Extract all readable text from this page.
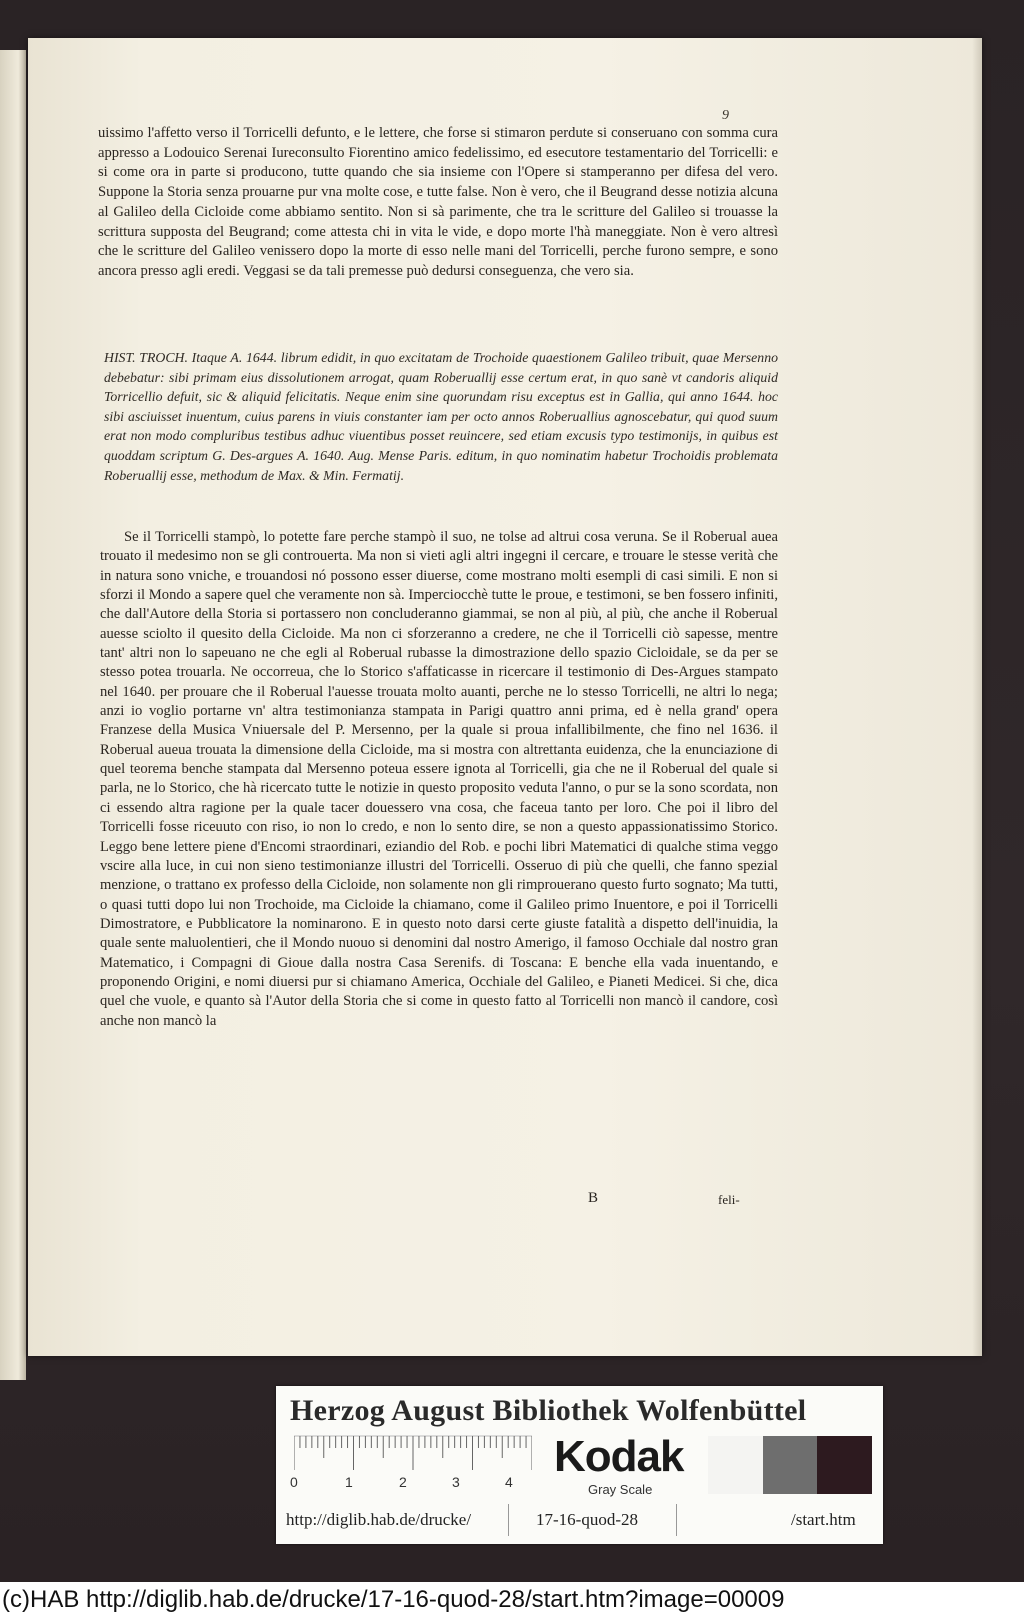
9

uissimo l'affetto verso il Torricelli defunto, e le lettere, che forse si stimaron perdute si conseruano con somma cura appresso a Lodouico Serenai Iureconsulto Fiorentino amico fedelissimo, ed esecutore testamentario del Torricelli: e si come ora in parte si producono, tutte quando che sia insieme con l'Opere si stamperanno per difesa del vero. Suppone la Storia senza prouarne pur vna molte cose, e tutte false. Non è vero, che il Beugrand desse notizia alcuna al Galileo della Cicloide come abbiamo sentito. Non si sà parimente, che tra le scritture del Galileo si trouasse la scrittura supposta del Beugrand; come attesta chi in vita le vide, e dopo morte l'hà maneggiate. Non è vero altresì che le scritture del Galileo venissero dopo la morte di esso nelle mani del Torricelli, perche furono sempre, e sono ancora presso agli eredi. Veggasi se da tali premesse può dedursi conseguenza, che vero sia.

HIST. TROCH. Itaque A. 1644. librum edidit, in quo excitatam de Trochoide quaestionem Galileo tribuit, quae Mersenno debebatur: sibi primam eius dissolutionem arrogat, quam Roberuallij esse certum erat, in quo sanè vt candoris aliquid Torricellio defuit, sic & aliquid felicitatis. Neque enim sine quorundam risu exceptus est in Gallia, qui anno 1644. hoc sibi asciuisset inuentum, cuius parens in viuis constanter iam per octo annos Roberuallius agnoscebatur, qui quod suum erat non modo compluribus testibus adhuc viuentibus posset reuincere, sed etiam excusis typo testimonijs, in quibus est quoddam scriptum G. Des-argues A. 1640. Aug. Mense Paris. editum, in quo nominatim habetur Trochoidis problemata Roberuallij esse, methodum de Max. & Min. Fermatij.

Se il Torricelli stampò, lo potette fare perche stampò il suo, ne tolse ad altrui cosa veruna. Se il Roberual auea trouato il medesimo non se gli controuerta. Ma non si vieti agli altri ingegni il cercare, e trouare le stesse verità che in natura sono vniche, e trouandosi nó possono esser diuerse, come mostrano molti esempli di casi simili. E non si sforzi il Mondo a sapere quel che veramente non sà. Imperciocchè tutte le proue, e testimoni, se ben fossero infiniti, che dall'Autore della Storia si portassero non concluderanno giammai, se non al più, al più, che anche il Roberual auesse sciolto il quesito della Cicloide. Ma non ci sforzeranno a credere, ne che il Torricelli ciò sapesse, mentre tant' altri non lo sapeuano ne che egli al Roberual rubasse la dimostrazione dello spazio Cicloidale, se da per se stesso potea trouarla. Ne occorreua, che lo Storico s'affaticasse in ricercare il testimonio di Des-Argues stampato nel 1640. per prouare che il Roberual l'auesse trouata molto auanti, perche ne lo stesso Torricelli, ne altri lo nega; anzi io voglio portarne vn' altra testimonianza stampata in Parigi quattro anni prima, ed è nella grand' opera Franzese della Musica Vniuersale del P. Mersenno, per la quale si proua infallibilmente, che fino nel 1636. il Roberual aueua trouata la dimensione della Cicloide, ma si mostra con altrettanta euidenza, che la enunciazione di quel teorema benche stampata dal Mersenno poteua essere ignota al Torricelli, gia che ne il Roberual del quale si parla, ne lo Storico, che hà ricercato tutte le notizie in questo proposito veduta l'anno, o pur se la sono scordata, non ci essendo altra ragione per la quale tacer douessero vna cosa, che faceua tanto per loro. Che poi il libro del Torricelli fosse riceuuto con riso, io non lo credo, e non lo sento dire, se non a questo appassionatissimo Storico. Leggo bene lettere piene d'Encomi straordinari, eziandio del Rob. e pochi libri Matematici di qualche stima veggo vscire alla luce, in cui non sieno testimonianze illustri del Torricelli. Osseruo di più che quelli, che fanno spezial menzione, o trattano ex professo della Cicloide, non solamente non gli rimprouerano questo furto sognato; Ma tutti, o quasi tutti dopo lui non Trochoide, ma Cicloide la chiamano, come il Galileo primo Inuentore, e poi il Torricelli Dimostratore, e Pubblicatore la nominarono. E in questo noto darsi certe giuste fatalità a dispetto dell'inuidia, la quale sente maluolentieri, che il Mondo nuouo si denomini dal nostro Amerigo, il famoso Occhiale dal nostro gran Matematico, i Compagni di Gioue dalla nostra Casa Serenifs. di Toscana: E benche ella vada inuentando, e proponendo Origini, e nomi diuersi pur si chiamano America, Occhiale del Galileo, e Pianeti Medicei. Si che, dica quel che vuole, e quanto sà l'Autor della Storia che si come in questo fatto al Torricelli non mancò il candore, così anche non mancò la

B	feli-
Herzog August Bibliothek Wolfenbüttel
0	1	2	3	4
Kodak
Gray Scale
http://diglib.hab.de/drucke/	17-16-quod-28	/start.htm
(c)HAB http://diglib.hab.de/drucke/17-16-quod-28/start.htm?image=00009
